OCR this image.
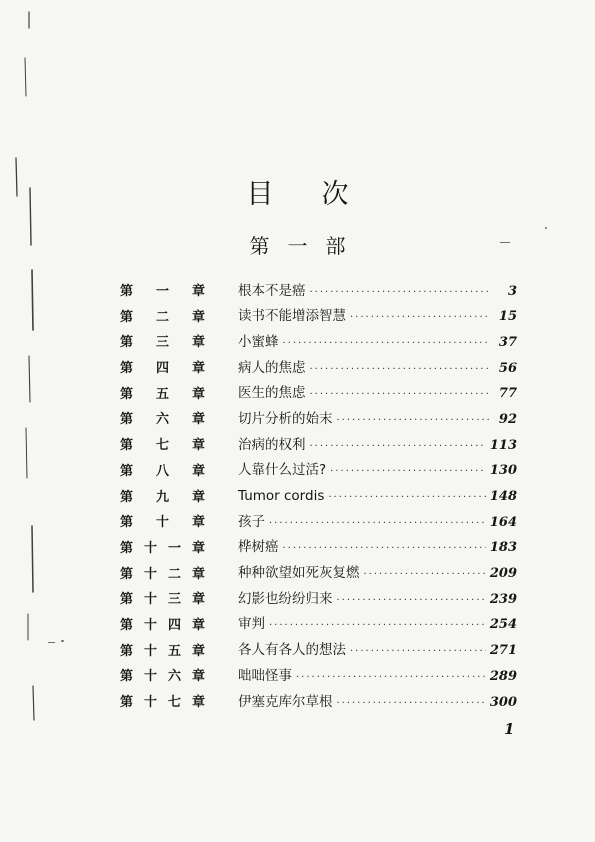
目次
第一部
第 一 章 根本不是癌 ·····	3
第 二 章 读书不能增添智慧 ·····	15
第 三 章 小蜜蜂 ·····	37
第 四 章 病人的焦虑 ·····	56
第 五 章 医生的焦虑 ·····	77
第 六 章 切片分析的始末 ·····	92
第 七 章 治病的权利 ·····	113
第 八 章 人靠什么过活? ·····	130
第 九 章 Tumor cordis ·····	148
第 十 章 孩子 ·····	164
第 十 一 章 桦树癌 ·····	183
第 十 二 章 种种欲望如死灰复燃 ·····	209
第 十 三 章 幻影也纷纷归来 ·····	239
第 十 四 章 审判 ·····	254
第 十 五 章 各人有各人的想法 ·····	271
第 十 六 章 咄咄怪事 ·····	289
第 十 七 章 伊塞克库尔草根 ·····	300
1
